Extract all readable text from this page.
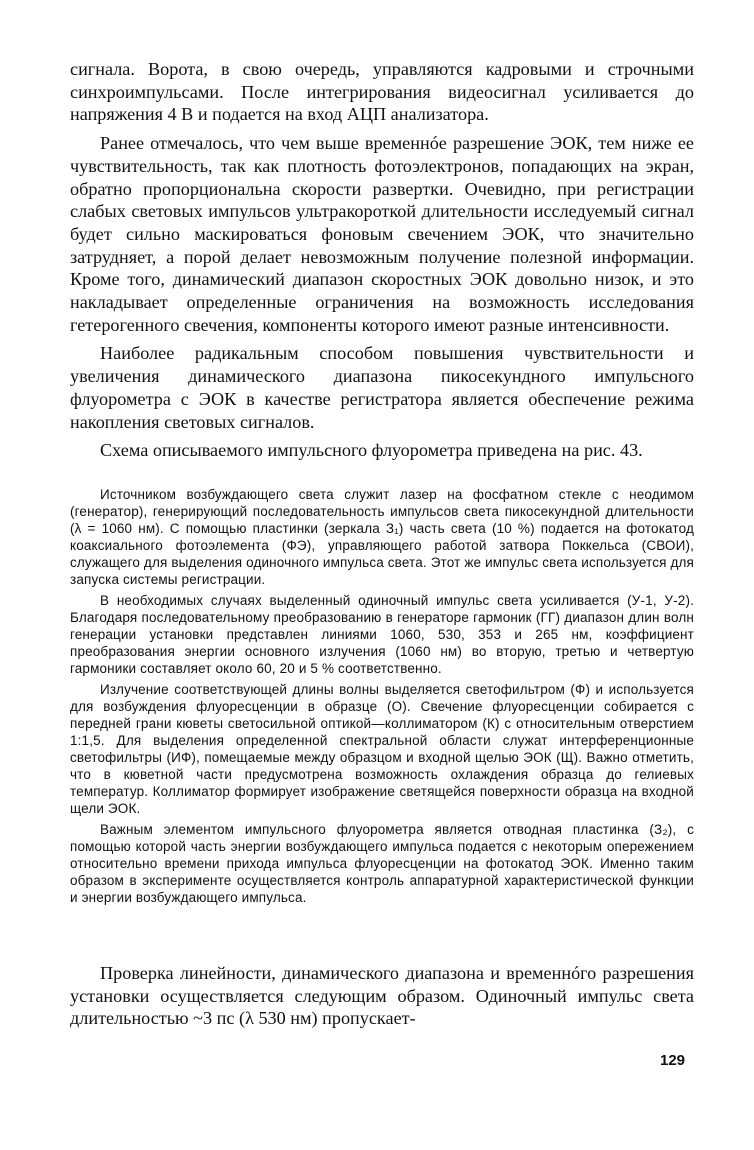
сигнала. Ворота, в свою очередь, управляются кадровыми и строчными синхроимпульсами. После интегрирования видеосигнал усиливается до напряжения 4 В и подается на вход АЦП анализатора.

Ранее отмечалось, что чем выше временнóе разрешение ЭОК, тем ниже ее чувствительность, так как плотность фотоэлектронов, попадающих на экран, обратно пропорциональна скорости развертки. Очевидно, при регистрации слабых световых импульсов ультракороткой длительности исследуемый сигнал будет сильно маскироваться фоновым свечением ЭОК, что значительно затрудняет, а порой делает невозможным получение полезной информации. Кроме того, динамический диапазон скоростных ЭОК довольно низок, и это накладывает определенные ограничения на возможность исследования гетерогенного свечения, компоненты которого имеют разные интенсивности.

Наиболее радикальным способом повышения чувствительности и увеличения динамического диапазона пикосекундного импульсного флуорометра с ЭОК в качестве регистратора является обеспечение режима накопления световых сигналов.

Схема описываемого импульсного флуорометра приведена на рис. 43.

Источником возбуждающего света служит лазер на фосфатном стекле с неодимом (генератор), генерирующий последовательность импульсов света пикосекундной длительности (λ = 1060 нм). С помощью пластинки (зеркала З₁) часть света (10 %) подается на фотокатод коаксиального фотоэлемента (ФЭ), управляющего работой затвора Поккельса (СВОИ), служащего для выделения одиночного импульса света. Этот же импульс света используется для запуска системы регистрации.

В необходимых случаях выделенный одиночный импульс света усиливается (У-1, У-2). Благодаря последовательному преобразованию в генераторе гармоник (ГГ) диапазон длин волн генерации установки представлен линиями 1060, 530, 353 и 265 нм, коэффициент преобразования энергии основного излучения (1060 нм) во вторую, третью и четвертую гармоники составляет около 60, 20 и 5 % соответственно.

Излучение соответствующей длины волны выделяется светофильтром (Ф) и используется для возбуждения флуоресценции в образце (О). Свечение флуоресценции собирается с передней грани кюветы светосильной оптикой—коллиматором (К) с относительным отверстием 1:1,5. Для выделения определенной спектральной области служат интерференционные светофильтры (ИФ), помещаемые между образцом и входной щелью ЭОК (Щ). Важно отметить, что в кюветной части предусмотрена возможность охлаждения образца до гелиевых температур. Коллиматор формирует изображение светящейся поверхности образца на входной щели ЭОК.

Важным элементом импульсного флуорометра является отводная пластинка (З₂), с помощью которой часть энергии возбуждающего импульса подается с некоторым опережением относительно времени прихода импульса флуоресценции на фотокатод ЭОК. Именно таким образом в эксперименте осуществляется контроль аппаратурной характеристической функции и энергии возбуждающего импульса.

Проверка линейности, динамического диапазона и временнóго разрешения установки осуществляется следующим образом. Одиночный импульс света длительностью ~3 пс (λ 530 нм) пропускает-

129
